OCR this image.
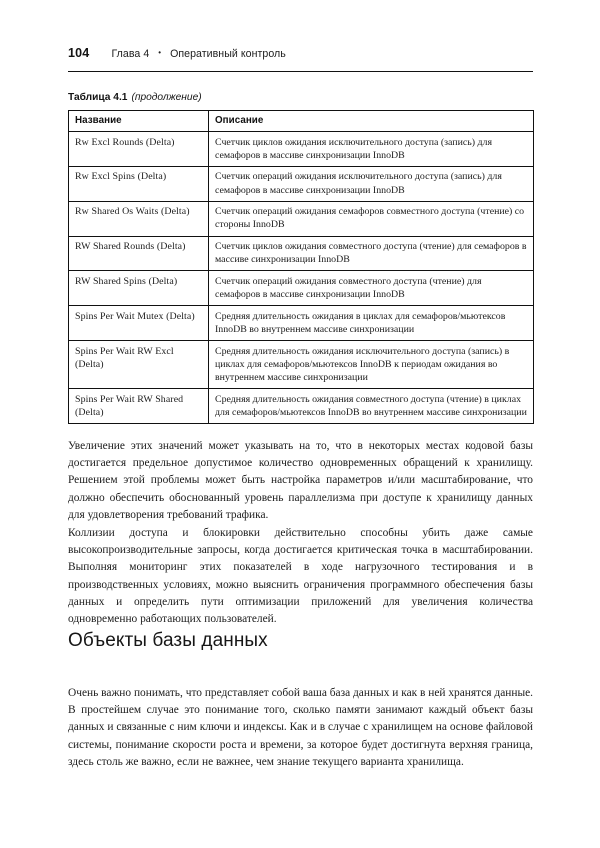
104 Глава 4 • Оперативный контроль
Таблица 4.1 (продолжение)
Название	Описание
Rw Excl Rounds (Delta)	Счетчик циклов ожидания исключительного доступа (запись) для семафоров в массиве синхронизации InnoDB
Rw Excl Spins (Delta)	Счетчик операций ожидания исключительного доступа (запись) для семафоров в массиве синхронизации InnoDB
Rw Shared Os Waits (Delta)	Счетчик операций ожидания семафоров совместного доступа (чтение) со стороны InnoDB
RW Shared Rounds (Delta)	Счетчик циклов ожидания совместного доступа (чтение) для семафоров в массиве синхронизации InnoDB
RW Shared Spins (Delta)	Счетчик операций ожидания совместного доступа (чтение) для семафоров в массиве синхронизации InnoDB
Spins Per Wait Mutex (Delta)	Средняя длительность ожидания в циклах для семафоров/мьютексов InnoDB во внутреннем массиве синхронизации
Spins Per Wait RW Excl (Delta)	Средняя длительность ожидания исключительного доступа (запись) в циклах для семафоров/мьютексов InnoDB к периодам ожидания во внутреннем массиве синхронизации
Spins Per Wait RW Shared (Delta)	Средняя длительность ожидания совместного доступа (чтение) в циклах для семафоров/мьютексов InnoDB во внутреннем массиве синхронизации

Увеличение этих значений может указывать на то, что в некоторых местах кодовой базы достигается предельное допустимое количество одновременных обращений к хранилищу. Решением этой проблемы может быть настройка параметров и/или масштабирование, что должно обеспечить обоснованный уровень параллелизма при доступе к хранилищу данных для удовлетворения требований трафика.

Коллизии доступа и блокировки действительно способны убить даже самые высокопроизводительные запросы, когда достигается критическая точка в масштабировании. Выполняя мониторинг этих показателей в ходе нагрузочного тестирования и в производственных условиях, можно выяснить ограничения программного обеспечения базы данных и определить пути оптимизации приложений для увеличения количества одновременно работающих пользователей.

Объекты базы данных

Очень важно понимать, что представляет собой ваша база данных и как в ней хранятся данные. В простейшем случае это понимание того, сколько памяти занимают каждый объект базы данных и связанные с ним ключи и индексы. Как и в случае с хранилищем на основе файловой системы, понимание скорости роста и времени, за которое будет достигнута верхняя граница, здесь столь же важно, если не важнее, чем знание текущего варианта хранилища.
